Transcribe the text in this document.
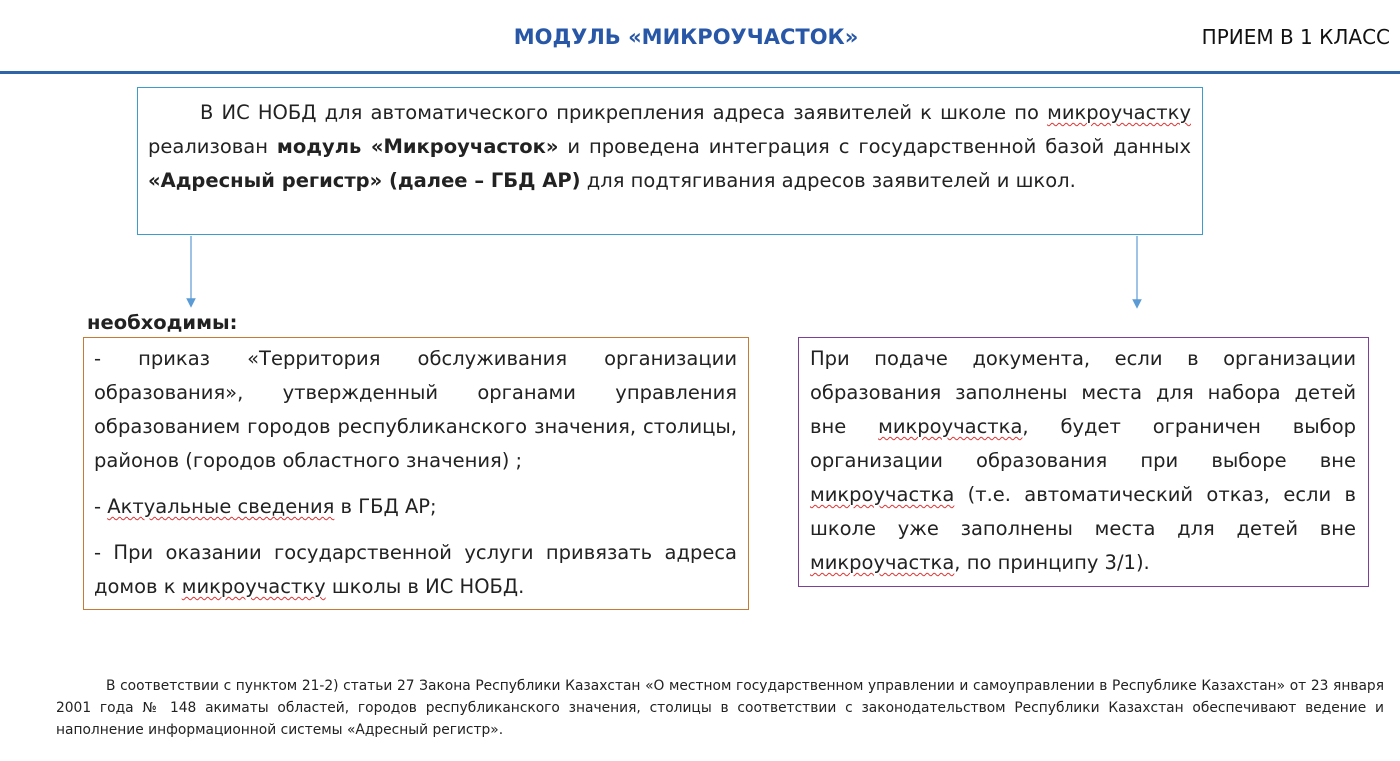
МОДУЛЬ «МИКРОУЧАСТОК»	ПРИЕМ В 1 КЛАСС
В ИС НОБД для автоматического прикрепления адреса заявителей к школе по микроучастку реализован модуль «Микроучасток» и проведена интеграция с государственной базой данных «Адресный регистр» (далее – ГБД АР) для подтягивания адресов заявителей и школ.
необходимы:

- приказ «Территория обслуживания организации образования», утвержденный органами управления образованием городов республиканского значения, столицы, районов (городов областного значения) ;

- Актуальные сведения в ГБД АР;

- При оказании государственной услуги привязать адреса домов к микроучастку школы в ИС НОБД.

При подаче документа, если в организации образования заполнены места для набора детей вне микроучастка, будет ограничен выбор организации образования при выборе вне микроучастка (т.е. автоматический отказ, если в школе уже заполнены места для детей вне микроучастка, по принципу 3/1).
В соответствии с пунктом 21-2) статьи 27 Закона Республики Казахстан «О местном государственном управлении и самоуправлении в Республике Казахстан» от 23 января 2001 года № 148 акиматы областей, городов республиканского значения, столицы в соответствии с законодательством Республики Казахстан обеспечивают ведение и наполнение информационной системы «Адресный регистр».
